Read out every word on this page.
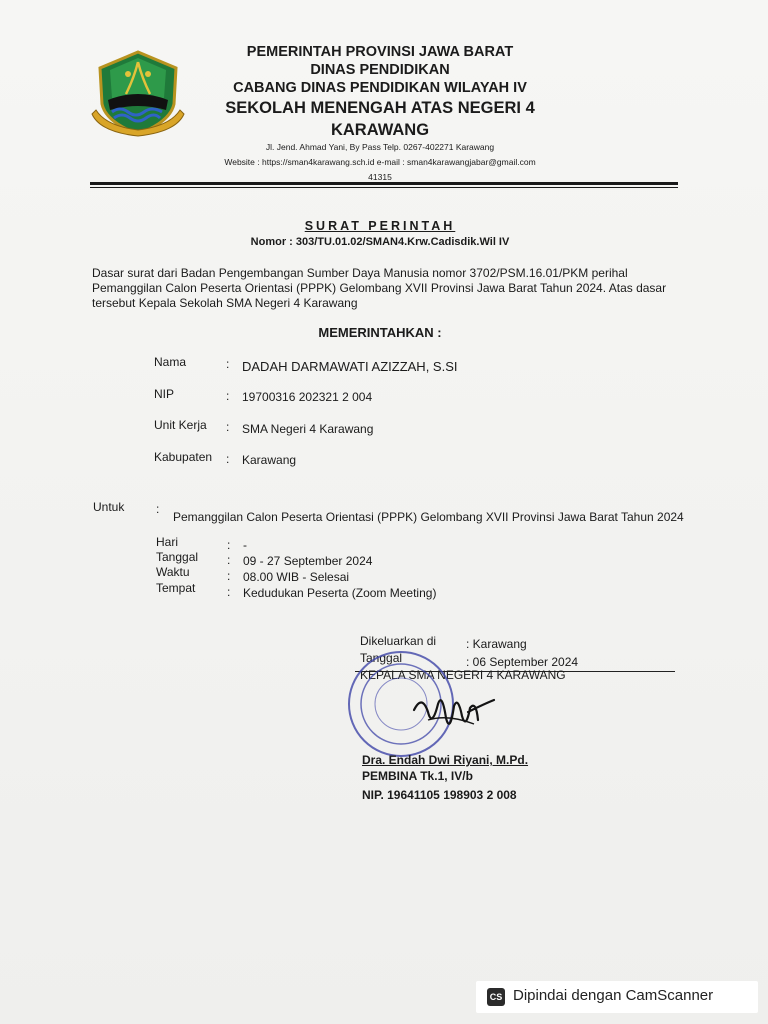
PEMERINTAH PROVINSI JAWA BARAT
DINAS PENDIDIKAN
CABANG DINAS PENDIDIKAN WILAYAH IV
SEKOLAH MENENGAH ATAS NEGERI 4
KARAWANG
Jl. Jend. Ahmad Yani, By Pass Telp. 0267-402271 Karawang
Website : https://sman4karawang.sch.id e-mail : sman4karawangjabar@gmail.com
41315
SURAT PERINTAH
Nomor : 303/TU.01.02/SMAN4.Krw.Cadisdik.Wil IV
Dasar surat dari Badan Pengembangan Sumber Daya Manusia nomor 3702/PSM.16.01/PKM perihal
Pemanggilan Calon Peserta Orientasi (PPPK) Gelombang XVII Provinsi Jawa Barat Tahun 2024. Atas dasar
tersebut Kepala Sekolah SMA Negeri 4 Karawang
MEMERINTAHKAN :
Nama	: DADAH DARMAWATI AZIZZAH, S.SI
NIP	: 19700316 202321 2 004
Unit Kerja : SMA Negeri 4 Karawang
Kabupaten : Karawang
Untuk	:
Pemanggilan Calon Peserta Orientasi (PPPK) Gelombang XVII Provinsi Jawa Barat Tahun 2024
Hari	: -
Tanggal : 09 - 27 September 2024
Waktu	: 08.00 WIB - Selesai
Tempat	: Kedudukan Peserta (Zoom Meeting)
Dikeluarkan di : Karawang
Tanggal	: 06 September 2024
KEPALA SMA NEGERI 4 KARAWANG
Dra. Endah Dwi Riyani, M.Pd.
PEMBINA Tk.1, IV/b
NIP. 19641105 198903 2 008
CS Dipindai dengan CamScanner
